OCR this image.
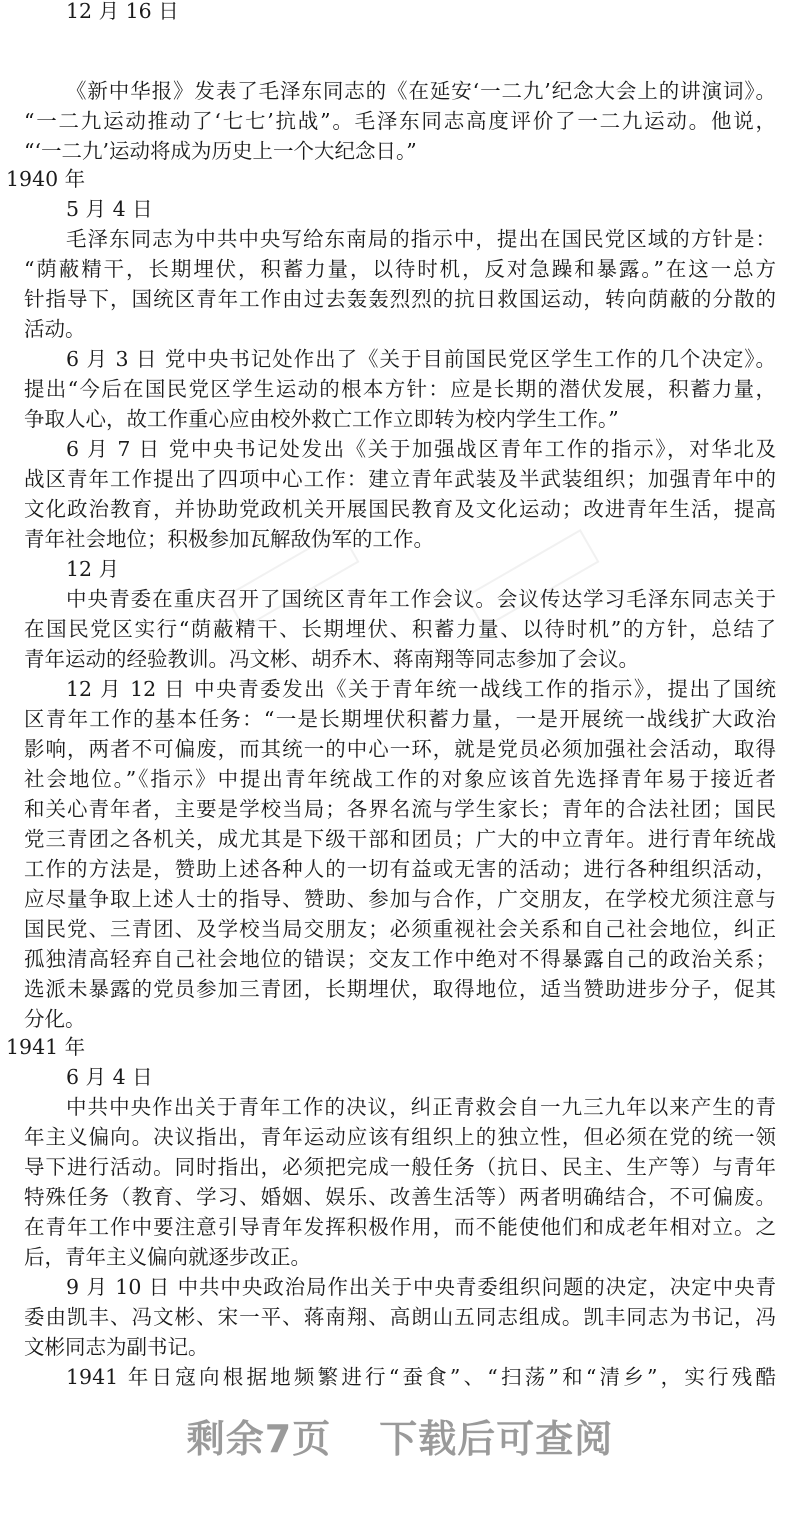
12 月 16 日
《新中华报》发表了毛泽东同志的《在延安‘一二九’纪念大会上的讲演词》。
“一二九运动推动了‘七七’抗战”。毛泽东同志高度评价了一二九运动。他说，
“‘一二九’运动将成为历史上一个大纪念日。”
1940 年
5 月 4 日
毛泽东同志为中共中央写给东南局的指示中，提出在国民党区域的方针是：
“荫蔽精干，长期埋伏，积蓄力量，以待时机，反对急躁和暴露。”在这一总方
针指导下，国统区青年工作由过去轰轰烈烈的抗日救国运动，转向荫蔽的分散的
活动。
6 月 3 日 党中央书记处作出了《关于目前国民党区学生工作的几个决定》。
提出“今后在国民党区学生运动的根本方针：应是长期的潜伏发展，积蓄力量，
争取人心，故工作重心应由校外救亡工作立即转为校内学生工作。”
6 月 7 日 党中央书记处发出《关于加强战区青年工作的指示》，对华北及
战区青年工作提出了四项中心工作：建立青年武装及半武装组织；加强青年中的
文化政治教育，并协助党政机关开展国民教育及文化运动；改进青年生活，提高
青年社会地位；积极参加瓦解敌伪军的工作。
12 月
中央青委在重庆召开了国统区青年工作会议。会议传达学习毛泽东同志关于
在国民党区实行“荫蔽精干、长期埋伏、积蓄力量、以待时机”的方针，总结了
青年运动的经验教训。冯文彬、胡乔木、蒋南翔等同志参加了会议。
12 月 12 日 中央青委发出《关于青年统一战线工作的指示》，提出了国统
区青年工作的基本任务：“一是长期埋伏积蓄力量，一是开展统一战线扩大政治
影响，两者不可偏废，而其统一的中心一环，就是党员必须加强社会活动，取得
社会地位。”《指示》中提出青年统战工作的对象应该首先选择青年易于接近者
和关心青年者，主要是学校当局；各界名流与学生家长；青年的合法社团；国民
党三青团之各机关，成尤其是下级干部和团员；广大的中立青年。进行青年统战
工作的方法是，赞助上述各种人的一切有益或无害的活动；进行各种组织活动，
应尽量争取上述人士的指导、赞助、参加与合作，广交朋友，在学校尤须注意与
国民党、三青团、及学校当局交朋友；必须重视社会关系和自己社会地位，纠正
孤独清高轻弃自己社会地位的错误；交友工作中绝对不得暴露自己的政治关系；
选派未暴露的党员参加三青团，长期埋伏，取得地位，适当赞助进步分子，促其
分化。
1941 年
6 月 4 日
中共中央作出关于青年工作的决议，纠正青救会自一九三九年以来产生的青
年主义偏向。决议指出，青年运动应该有组织上的独立性，但必须在党的统一领
导下进行活动。同时指出，必须把完成一般任务（抗日、民主、生产等）与青年
特殊任务（教育、学习、婚姻、娱乐、改善生活等）两者明确结合，不可偏废。
在青年工作中要注意引导青年发挥积极作用，而不能使他们和成老年相对立。之
后，青年主义偏向就逐步改正。
9 月 10 日 中共中央政治局作出关于中央青委组织问题的决定，决定中央青
委由凯丰、冯文彬、宋一平、蒋南翔、高朗山五同志组成。凯丰同志为书记，冯
文彬同志为副书记。
1941 年日寇向根据地频繁进行“蚕食”、“扫荡”和“清乡”，实行残酷
剩余7页 下载后可查阅
